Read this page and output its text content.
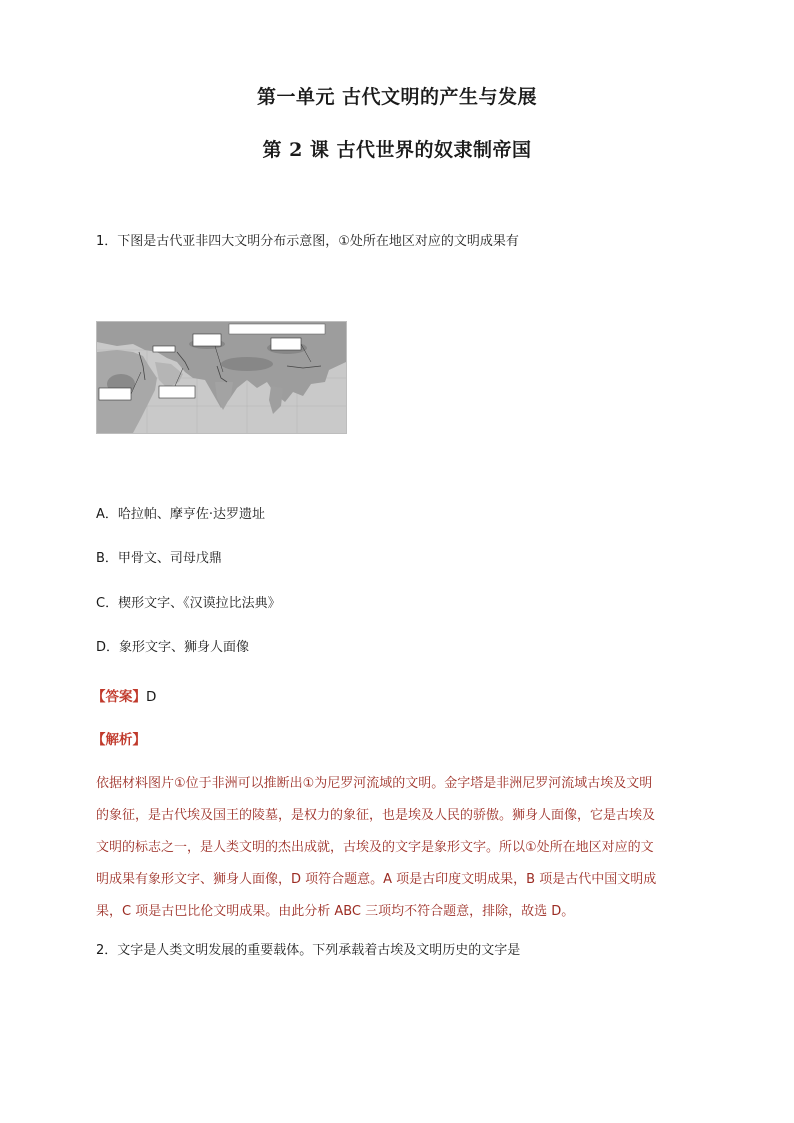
第一单元 古代文明的产生与发展
第 2 课 古代世界的奴隶制帝国
1．下图是古代亚非四大文明分布示意图，①处所在地区对应的文明成果有
A．哈拉帕、摩亨佐·达罗遗址
B．甲骨文、司母戊鼎
C．楔形文字、《汉谟拉比法典》
D．象形文字、狮身人面像
【答案】D
【解析】

依据材料图片①位于非洲可以推断出①为尼罗河流域的文明。金字塔是非洲尼罗河流域古埃及文明

的象征，是古代埃及国王的陵墓，是权力的象征，也是埃及人民的骄傲。狮身人面像，它是古埃及

文明的标志之一，是人类文明的杰出成就，古埃及的文字是象形文字。所以①处所在地区对应的文

明成果有象形文字、狮身人面像，D 项符合题意。A 项是古印度文明成果，B 项是古代中国文明成

果，C 项是古巴比伦文明成果。由此分析 ABC 三项均不符合题意，排除，故选 D。

2．文字是人类文明发展的重要载体。下列承载着古埃及文明历史的文字是
